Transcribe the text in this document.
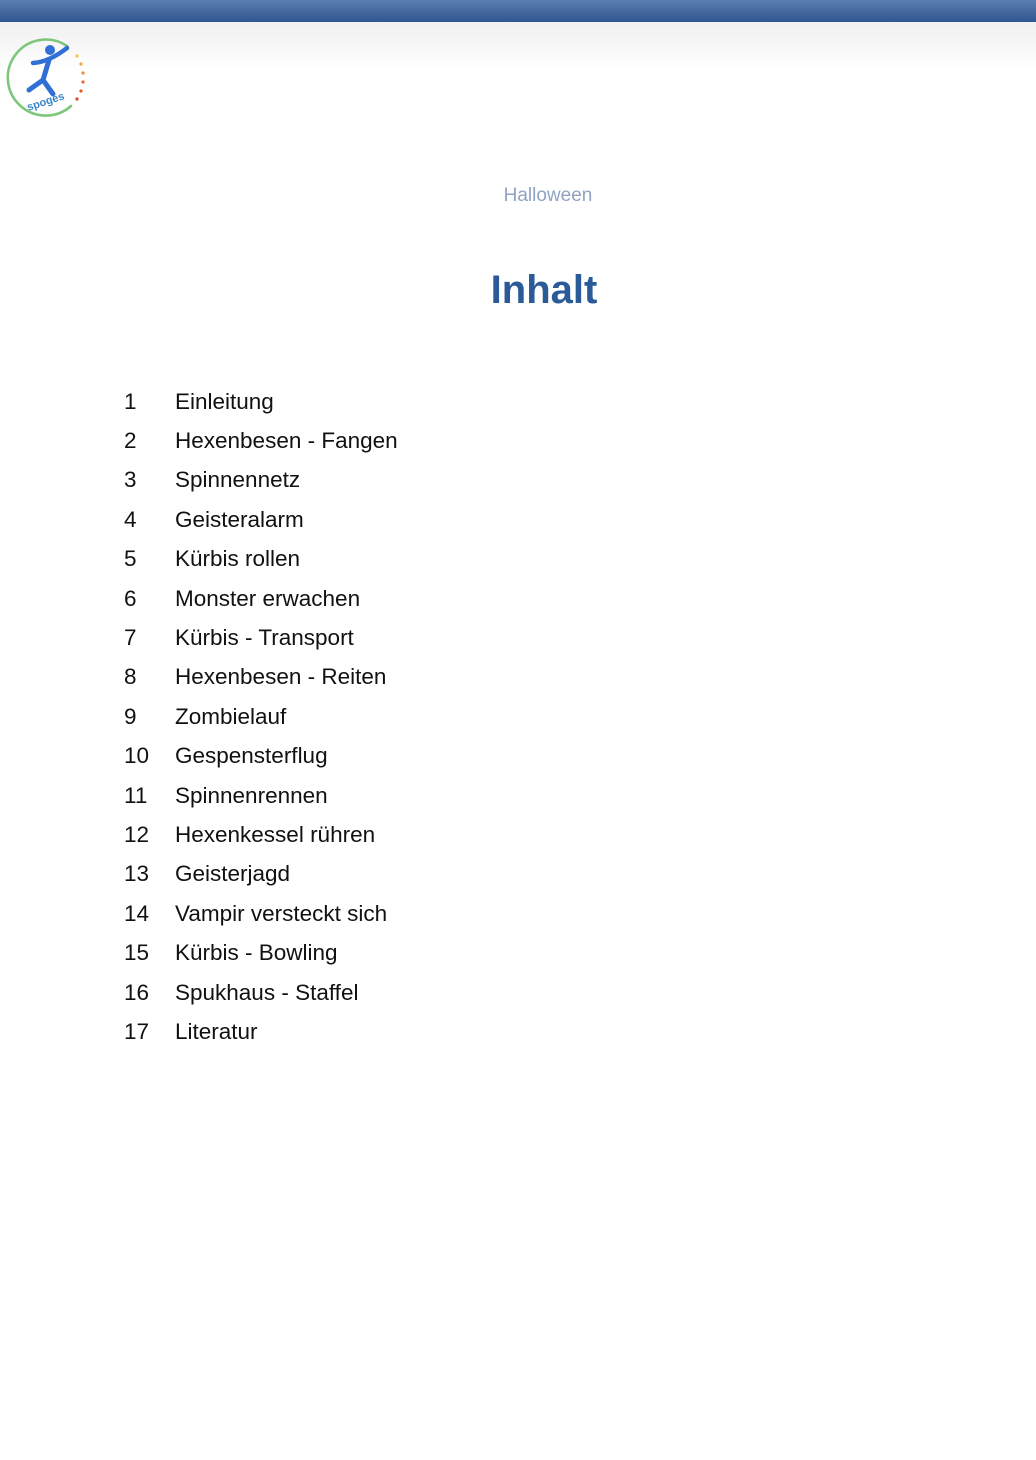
spoges
Halloween
Inhalt
1	Einleitung
2	Hexenbesen - Fangen
3	Spinnennetz
4	Geisteralarm
5	Kürbis rollen
6	Monster erwachen
7	Kürbis - Transport
8	Hexenbesen - Reiten
9	Zombielauf
10	Gespensterflug
11	Spinnenrennen
12	Hexenkessel rühren
13	Geisterjagd
14	Vampir versteckt sich
15	Kürbis - Bowling
16	Spukhaus - Staffel
17	Literatur
